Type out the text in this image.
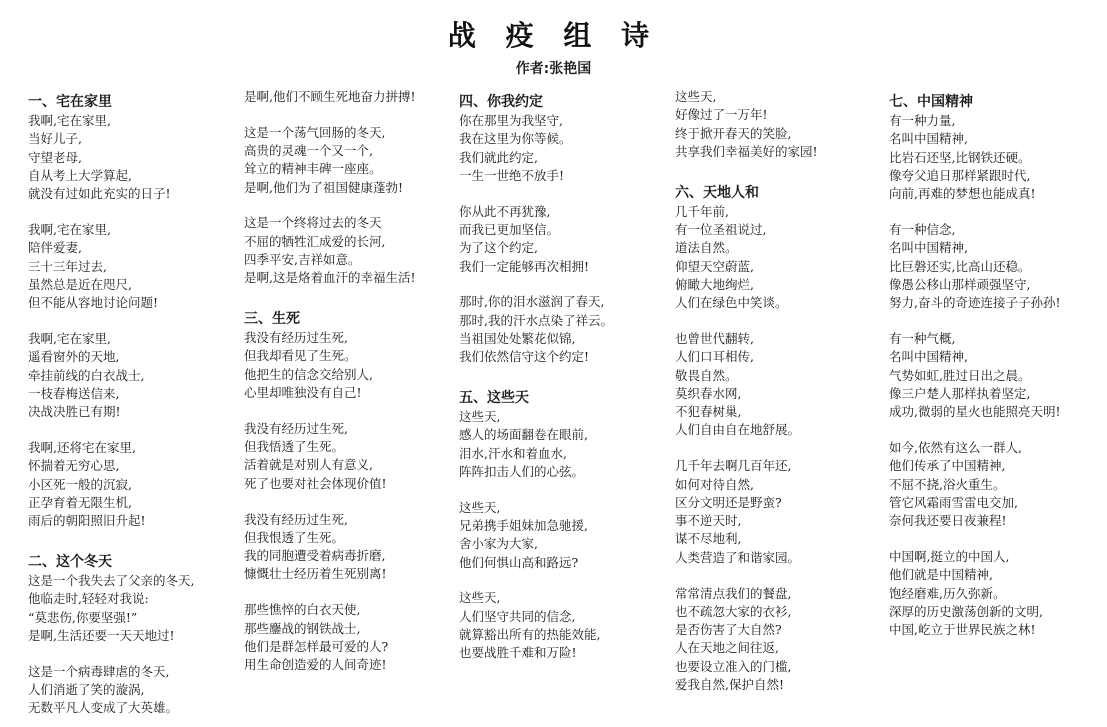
战 疫 组 诗
作者:张艳国
一、宅在家里
我啊,宅在家里,
当好儿子,
守望老母,
自从考上大学算起,
就没有过如此充实的日子!
我啊,宅在家里,
陪伴爱妻,
三十三年过去,
虽然总是近在咫尺,
但不能从容地讨论问题!
我啊,宅在家里,
遥看窗外的天地,
牵挂前线的白衣战士,
一枝春梅送信来,
决战决胜已有期!
我啊,还将宅在家里,
怀揣着无穷心思,
小区死一般的沉寂,
正孕育着无限生机,
雨后的朝阳照旧升起!
二、这个冬天
这是一个我失去了父亲的冬天,
他临走时,轻轻对我说:
“莫悲伤,你要坚强!”
是啊,生活还要一天天地过!
这是一个病毒肆虐的冬天,
人们消逝了笑的漩涡,
无数平凡人变成了大英雄。
是啊,他们不顾生死地奋力拼搏!
这是一个荡气回肠的冬天,
高贵的灵魂一个又一个,
耸立的精神丰碑一座座。
是啊,他们为了祖国健康蓬勃!
这是一个终将过去的冬天
不屈的牺牲汇成爱的长河,
四季平安,吉祥如意。
是啊,这是烙着血汗的幸福生活!
三、生死
我没有经历过生死,
但我却看见了生死。
他把生的信念交给别人,
心里却唯独没有自己!
我没有经历过生死,
但我悟透了生死。
活着就是对别人有意义,
死了也要对社会体现价值!
我没有经历过生死,
但我恨透了生死。
我的同胞遭受着病毒折磨,
慷慨壮士经历着生死别离!
那些憔悴的白衣天使,
那些鏖战的钢铁战士,
他们是群怎样最可爱的人?
用生命创造爱的人间奇迹!
四、你我约定
你在那里为我坚守,
我在这里为你等候。
我们就此约定,
一生一世绝不放手!
你从此不再犹豫,
而我已更加坚信。
为了这个约定,
我们一定能够再次相拥!
那时,你的泪水滋润了春天,
那时,我的汗水点染了祥云。
当祖国处处繁花似锦,
我们依然信守这个约定!
五、这些天
这些天,
感人的场面翻卷在眼前,
泪水,汗水和着血水,
阵阵扣击人们的心弦。
这些天,
兄弟携手姐妹加急驰援,
舍小家为大家,
他们何惧山高和路远?
这些天,
人们坚守共同的信念,
就算豁出所有的热能效能,
也要战胜千难和万险!
这些天,
好像过了一万年!
终于掀开春天的笑脸,
共享我们幸福美好的家园!
六、天地人和
几千年前,
有一位圣祖说过,
道法自然。
仰望天空蔚蓝,
俯瞰大地绚烂,
人们在绿色中笑谈。
也曾世代翻转,
人们口耳相传,
敬畏自然。
莫织春水网,
不犯春树巢,
人们自由自在地舒展。
几千年去啊几百年还,
如何对待自然,
区分文明还是野蛮?
事不逆天时,
谋不尽地利,
人类营造了和谐家园。
常常清点我们的餐盘,
也不疏忽大家的衣衫,
是否伤害了大自然?
人在天地之间往返,
也要设立准入的门槛,
爱我自然,保护自然!
七、中国精神
有一种力量,
名叫中国精神,
比岩石还坚,比钢铁还硬。
像夸父追日那样紧跟时代,
向前,再难的梦想也能成真!
有一种信念,
名叫中国精神,
比巨磐还实,比高山还稳。
像愚公移山那样顽强坚守,
努力,奋斗的奇迹连接子子孙孙!
有一种气概,
名叫中国精神,
气势如虹,胜过日出之晨。
像三户楚人那样执着坚定,
成功,微弱的星火也能照亮天明!
如今,依然有这么一群人,
他们传承了中国精神,
不屈不挠,浴火重生。
管它风霜雨雪雷电交加,
奈何我还要日夜兼程!
中国啊,挺立的中国人,
他们就是中国精神,
饱经磨难,历久弥新。
深厚的历史激荡创新的文明,
中国,屹立于世界民族之林!
